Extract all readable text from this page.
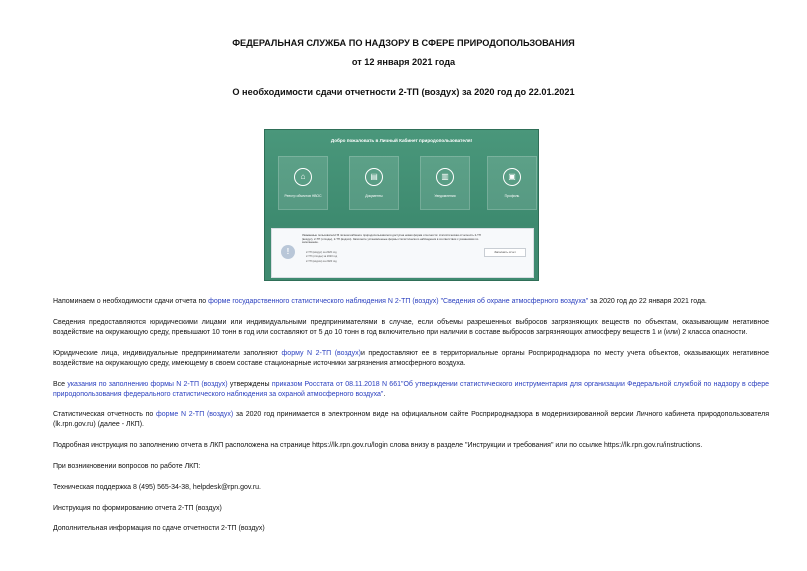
ФЕДЕРАЛЬНАЯ СЛУЖБА ПО НАДЗОРУ В СФЕРЕ ПРИРОДОПОЛЬЗОВАНИЯ
от 12 января 2021 года
О необходимости сдачи отчетности 2-ТП (воздух) за 2020 год до 22.01.2021
Добро пожаловать в Личный Кабинет природопользователя!
⌂
Реестр объектов НВОС
▤
Документы
▥
Уведомления
▣
Профиль
!
Уважаемые пользователи! В личном кабинете природопользователя доступна новая форма отчетности: статистическая отчетность 2-ТП (воздух), 2-ТП (отходы), 2-ТП (водхоз). Заполните установленные формы статистического наблюдения в соответствии с указаниями по заполнению.
2-ТП (воздух) за 2020 год
2-ТП (отходы) за 2020 год
2-ТП (водхоз) за 2020 год
Заполнить отчет
Напоминаем о необходимости сдачи отчета по форме государственного статистического наблюдения N 2-ТП (воздух) "Сведения об охране атмосферного воздуха" за 2020 год до 22 января 2021 года.
Сведения предоставляются юридическими лицами или индивидуальными предпринимателями в случае, если объемы разрешенных выбросов загрязняющих веществ по объектам, оказывающим негативное воздействие на окружающую среду, превышают 10 тонн в год или составляют от 5 до 10 тонн в год включительно при наличии в составе выбросов загрязняющих атмосферу веществ 1 и (или) 2 класса опасности.
Юридические лица, индивидуальные предприниматели заполняют форму N 2-ТП (воздух)и предоставляют ее в территориальные органы Росприроднадзора по месту учета объектов, оказывающих негативное воздействие на окружающую среду, имеющему в своем составе стационарные источники загрязнения атмосферного воздуха.
Все указания по заполнению формы N 2-ТП (воздух) утверждены приказом Росстата от 08.11.2018 N 661"Об утверждении статистического инструментария для организации Федеральной службой по надзору в сфере природопользования федерального статистического наблюдения за охраной атмосферного воздуха".
Статистическая отчетность по форме N 2-ТП (воздух) за 2020 год принимается в электронном виде на официальном сайте Росприроднадзора в модернизированной версии Личного кабинета природопользователя (lk.rpn.gov.ru) (далее - ЛКП).
Подробная инструкция по заполнению отчета в ЛКП расположена на странице https://lk.rpn.gov.ru/login слова внизу в разделе "Инструкции и требования" или по ссылке https://lk.rpn.gov.ru/instructions.
При возникновении вопросов по работе ЛКП:
Техническая поддержка 8 (495) 565-34-38, helpdesk@rpn.gov.ru.
Инструкция по формированию отчета 2-ТП (воздух)
Дополнительная информация по сдаче отчетности 2-ТП (воздух)
